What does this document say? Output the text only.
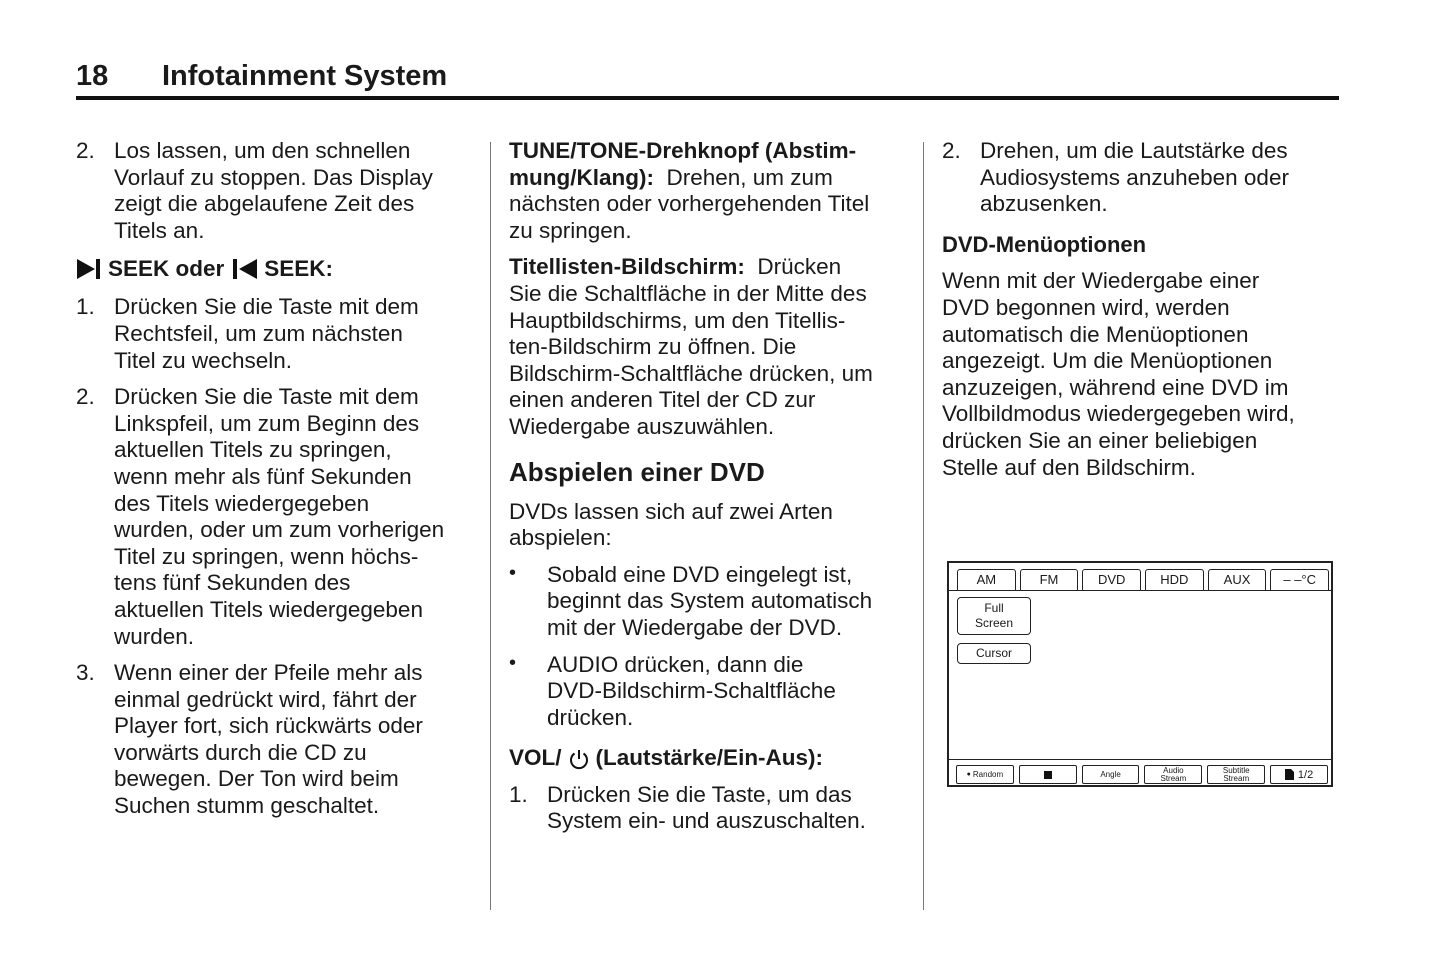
18 Infotainment System
2. Los lassen, um den schnellen
Vorlauf zu stoppen. Das Display
zeigt die abgelaufene Zeit des
Titels an.
SEEK oder SEEK:
1. Drücken Sie die Taste mit dem
Rechtsfeil, um zum nächsten
Titel zu wechseln.
2. Drücken Sie die Taste mit dem
Linkspfeil, um zum Beginn des
aktuellen Titels zu springen,
wenn mehr als fünf Sekunden
des Titels wiedergegeben
wurden, oder um zum vorherigen
Titel zu springen, wenn höchs-
tens fünf Sekunden des
aktuellen Titels wiedergegeben
wurden.
3. Wenn einer der Pfeile mehr als
einmal gedrückt wird, fährt der
Player fort, sich rückwärts oder
vorwärts durch die CD zu
bewegen. Der Ton wird beim
Suchen stumm geschaltet.
TUNE/TONE-Drehknopf (Abstim-
mung/Klang): Drehen, um zum
nächsten oder vorhergehenden Titel
zu springen.
Titellisten-Bildschirm: Drücken
Sie die Schaltfläche in der Mitte des
Hauptbildschirms, um den Titellis-
ten-Bildschirm zu öffnen. Die
Bildschirm-Schaltfläche drücken, um
einen anderen Titel der CD zur
Wiedergabe auszuwählen.
Abspielen einer DVD
DVDs lassen sich auf zwei Arten
abspielen:
• Sobald eine DVD eingelegt ist,
beginnt das System automatisch
mit der Wiedergabe der DVD.
• AUDIO drücken, dann die
DVD-Bildschirm-Schaltfläche
drücken.
VOL/ (Lautstärke/Ein-Aus):
1. Drücken Sie die Taste, um das
System ein- und auszuschalten.
2. Drehen, um die Lautstärke des
Audiosystems anzuheben oder
abzusenken.
DVD-Menüoptionen
Wenn mit der Wiedergabe einer
DVD begonnen wird, werden
automatisch die Menüoptionen
angezeigt. Um die Menüoptionen
anzuzeigen, während eine DVD im
Vollbildmodus wiedergegeben wird,
drücken Sie an einer beliebigen
Stelle auf den Bildschirm.
AM	FM	DVD	HDD	AUX	– –°C
Full
Screen
Cursor
● Random	Angle	Audio
Stream
Subtitle
Stream	1/2
